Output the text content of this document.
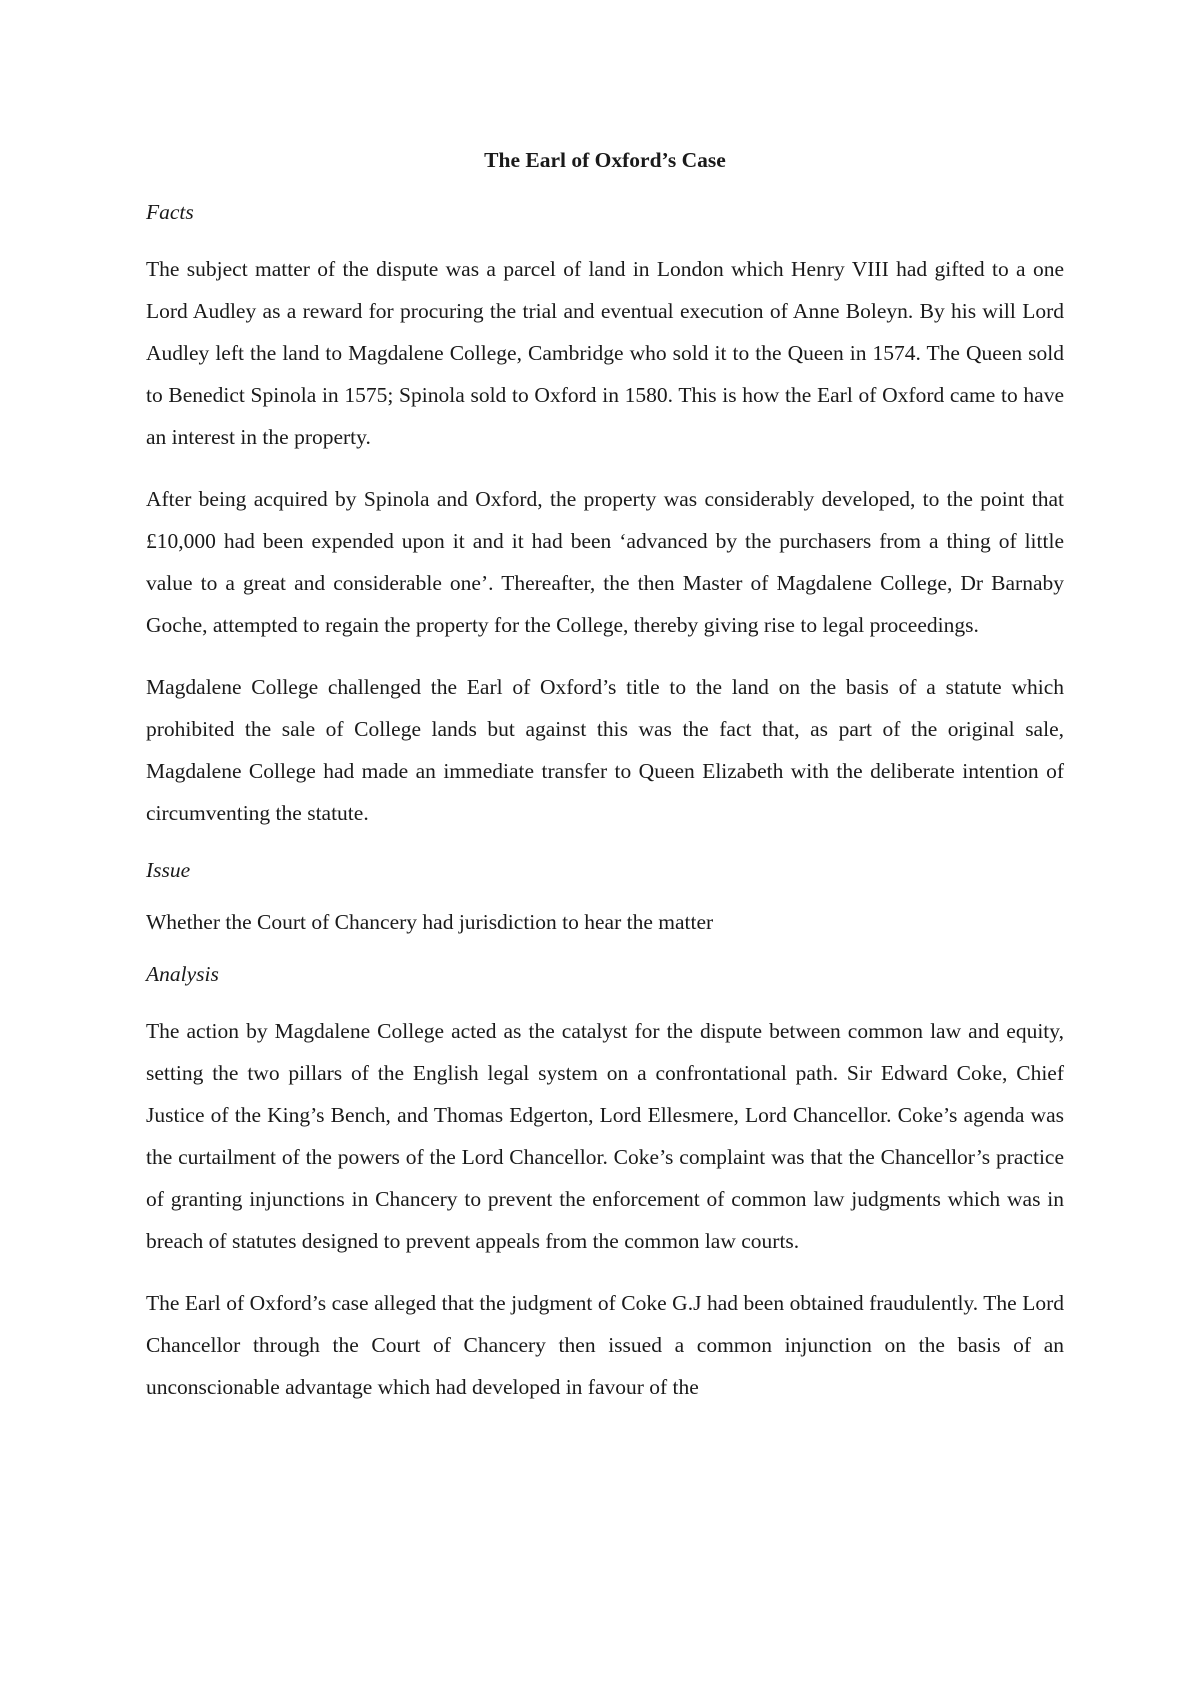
The Earl of Oxford’s Case
Facts
The subject matter of the dispute was a parcel of land in London which Henry VIII had gifted to a one Lord Audley as a reward for procuring the trial and eventual execution of Anne Boleyn. By his will Lord Audley left the land to Magdalene College, Cambridge who sold it to the Queen in 1574. The Queen sold to Benedict Spinola in 1575; Spinola sold to Oxford in 1580. This is how the Earl of Oxford came to have an interest in the property.
After being acquired by Spinola and Oxford, the property was considerably developed, to the point that £10,000 had been expended upon it and it had been ‘advanced by the purchasers from a thing of little value to a great and considerable one’. Thereafter, the then Master of Magdalene College, Dr Barnaby Goche, attempted to regain the property for the College, thereby giving rise to legal proceedings.
Magdalene College challenged the Earl of Oxford’s title to the land on the basis of a statute which prohibited the sale of College lands but against this was the fact that, as part of the original sale, Magdalene College had made an immediate transfer to Queen Elizabeth with the deliberate intention of circumventing the statute.
Issue
Whether the Court of Chancery had jurisdiction to hear the matter
Analysis
The action by Magdalene College acted as the catalyst for the dispute between common law and equity, setting the two pillars of the English legal system on a confrontational path. Sir Edward Coke, Chief Justice of the King’s Bench, and Thomas Edgerton, Lord Ellesmere, Lord Chancellor. Coke’s agenda was the curtailment of the powers of the Lord Chancellor. Coke’s complaint was that the Chancellor’s practice of granting injunctions in Chancery to prevent the enforcement of common law judgments which was in breach of statutes designed to prevent appeals from the common law courts.
The Earl of Oxford’s case alleged that the judgment of Coke G.J had been obtained fraudulently. The Lord Chancellor through the Court of Chancery then issued a common injunction on the basis of an unconscionable advantage which had developed in favour of the
